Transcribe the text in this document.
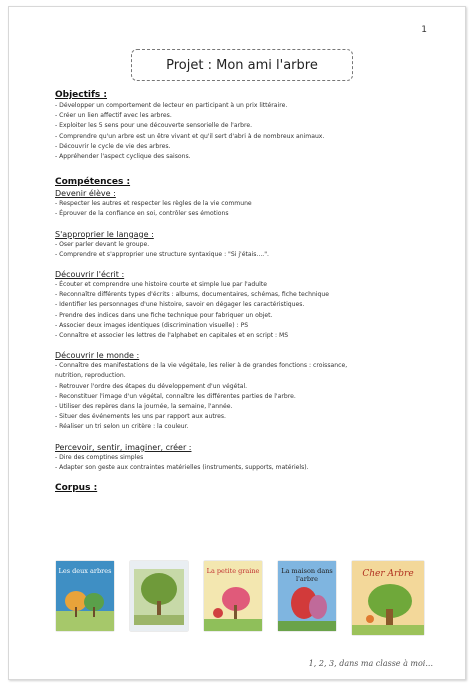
1
Projet : Mon ami l'arbre
Objectifs :
- Développer un comportement de lecteur en participant à un prix littéraire.
- Créer un lien affectif avec les arbres.
- Exploiter les 5 sens pour une découverte sensorielle de l'arbre.
- Comprendre qu'un arbre est un être vivant et qu'il sert d'abri à de nombreux animaux.
- Découvrir le cycle de vie des arbres.
- Appréhender l'aspect cyclique des saisons.
Compétences :
Devenir élève :
- Respecter les autres et respecter les règles de la vie commune
- Éprouver de la confiance en soi, contrôler ses émotions
S'approprier le langage :
- Oser parler devant le groupe.
- Comprendre et s'approprier une structure syntaxique : "Si j'étais....".
Découvrir l'écrit :
- Écouter et comprendre une histoire courte et simple lue par l'adulte
- Reconnaître différents types d'écrits : albums, documentaires, schémas, fiche technique
- Identifier les personnages d'une histoire, savoir en dégager les caractéristiques.
- Prendre des indices dans une fiche technique pour fabriquer un objet.
- Associer deux images identiques (discrimination visuelle) : PS
- Connaître et associer les lettres de l'alphabet en capitales et en script : MS
Découvrir le monde :
- Connaître des manifestations de la vie végétale, les relier à de grandes fonctions : croissance,
nutrition, reproduction.
- Retrouver l'ordre des étapes du développement d'un végétal.
- Reconstituer l'image d'un végétal, connaître les différentes parties de l'arbre.
- Utiliser des repères dans la journée, la semaine, l'année.
- Situer des événements les uns par rapport aux autres.
- Réaliser un tri selon un critère : la couleur.
Percevoir, sentir, imaginer, créer :
- Dire des comptines simples
- Adapter son geste aux contraintes matérielles (instruments, supports, matériels).
Corpus :
Les deux arbres	La petite graine	La maison dans l'arbre	Cher Arbre
1, 2, 3, dans ma classe à moi...
